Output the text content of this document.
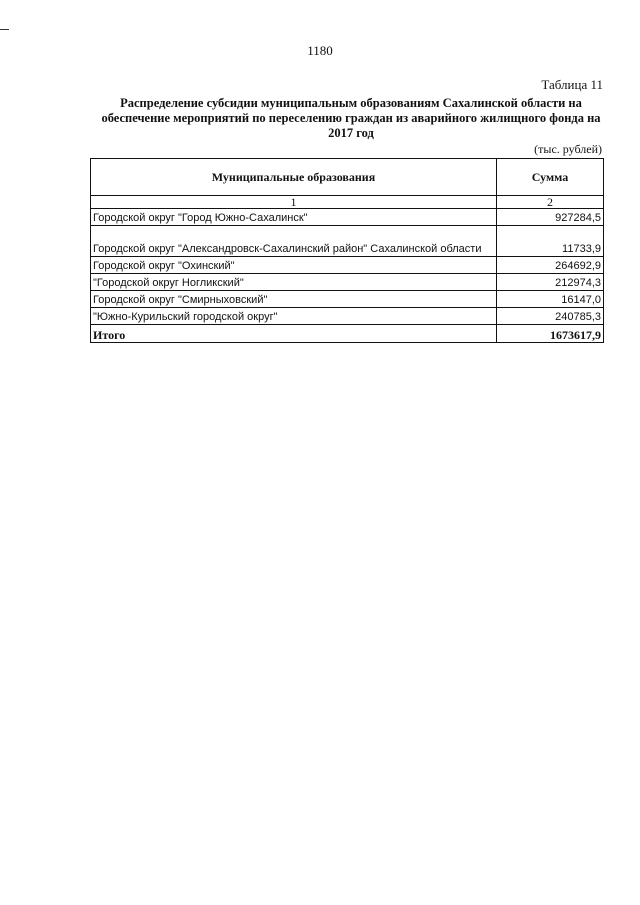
1180
Таблица 11
Распределение субсидии муниципальным образованиям Сахалинской области на обеспечение мероприятий по переселению граждан из аварийного жилищного фонда на 2017 год
(тыс. рублей)
Муниципальные образования	Сумма
1	2
Городской округ "Город Южно-Сахалинск"	927284,5
Городской округ "Александровск-Сахалинский район" Сахалинской области	11733,9
Городской округ "Охинский"	264692,9
"Городской округ Ногликский"	212974,3
Городской округ "Смирныховский"	16147,0
"Южно-Курильский городской округ"	240785,3
Итого	1673617,9
